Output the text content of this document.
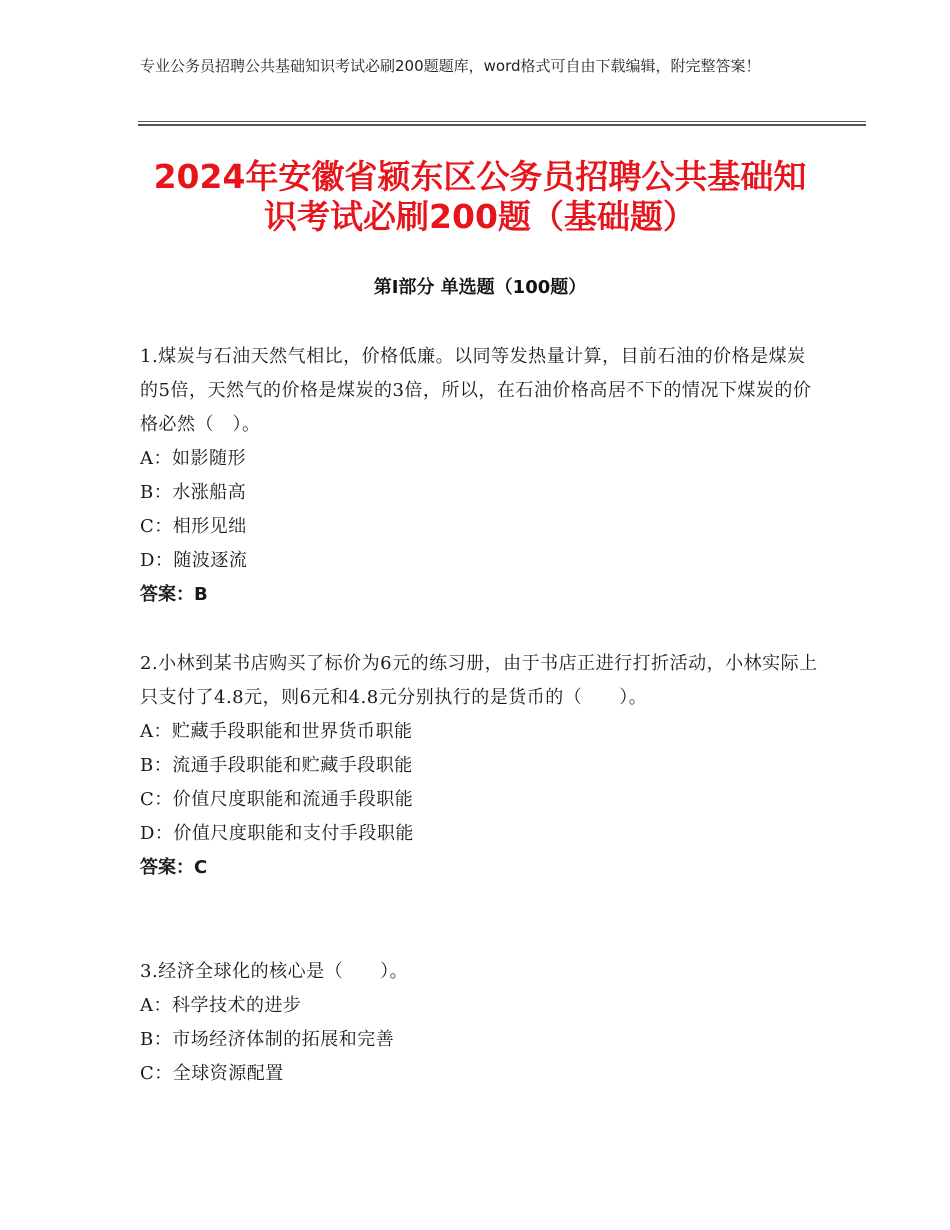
专业公务员招聘公共基础知识考试必刷200题题库，word格式可自由下载编辑，附完整答案！
2024年安徽省颍东区公务员招聘公共基础知识考试必刷200题（基础题）
第Ⅰ部分 单选题（100题）
1.煤炭与石油天然气相比，价格低廉。以同等发热量计算，目前石油的价格是煤炭的5倍，天然气的价格是煤炭的3倍，所以，在石油价格高居不下的情况下煤炭的价格必然（　）。
A：如影随形
B：水涨船高
C：相形见绌
D：随波逐流
答案：B
2.小林到某书店购买了标价为6元的练习册，由于书店正进行打折活动，小林实际上只支付了4.8元，则6元和4.8元分别执行的是货币的（　　）。
A：贮藏手段职能和世界货币职能
B：流通手段职能和贮藏手段职能
C：价值尺度职能和流通手段职能
D：价值尺度职能和支付手段职能
答案：C
3.经济全球化的核心是（　　）。
A：科学技术的进步
B：市场经济体制的拓展和完善
C：全球资源配置
